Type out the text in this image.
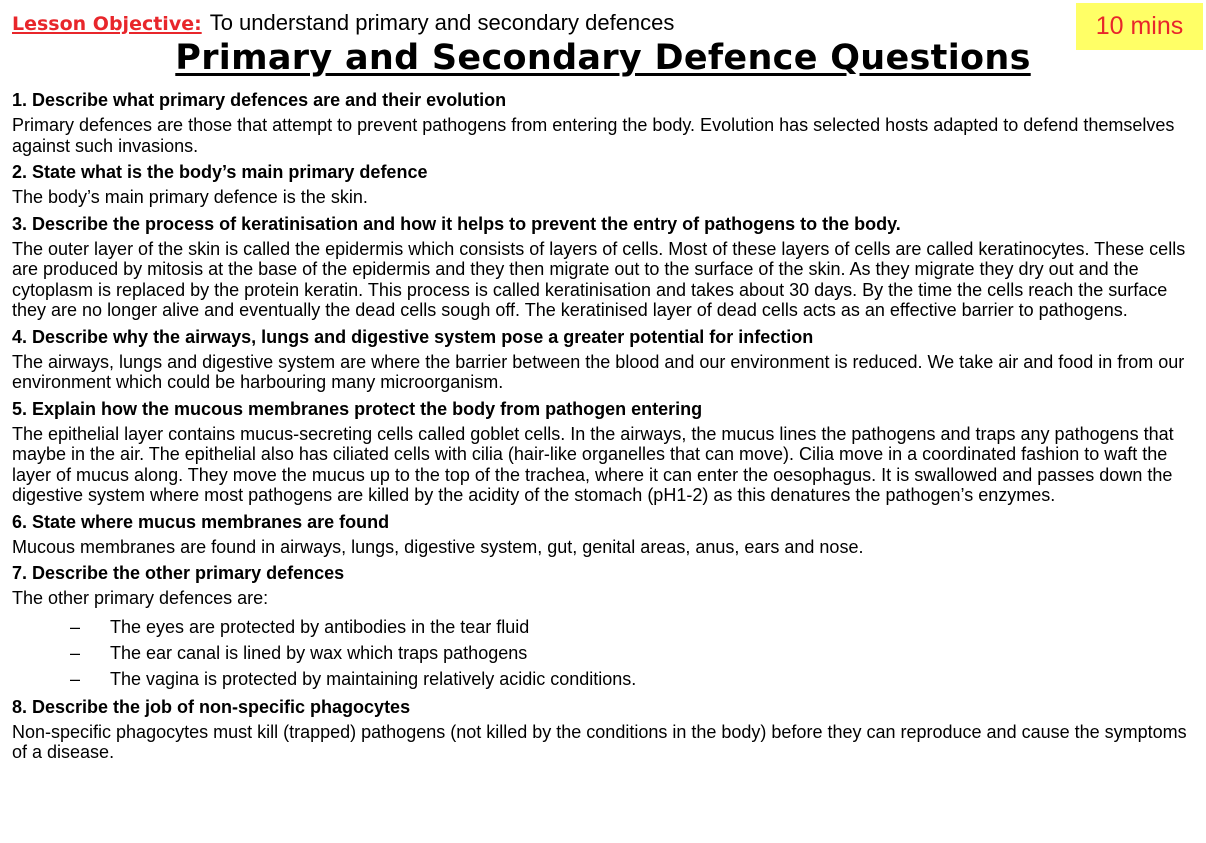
Lesson Objective: To understand primary and secondary defences	10 mins
Primary and Secondary Defence Questions
1. Describe what primary defences are and their evolution
Primary defences are those that attempt to prevent pathogens from entering the body. Evolution has selected hosts adapted to defend themselves against such invasions.
2. State what is the body’s main primary defence
The body’s main primary defence is the skin.
3. Describe the process of keratinisation and how it helps to prevent the entry of pathogens to the body.
The outer layer of the skin is called the epidermis which consists of layers of cells. Most of these layers of cells are called keratinocytes. These cells are produced by mitosis at the base of the epidermis and they then migrate out to the surface of the skin. As they migrate they dry out and the cytoplasm is replaced by the protein keratin. This process is called keratinisation and takes about 30 days. By the time the cells reach the surface they are no longer alive and eventually the dead cells sough off. The keratinised layer of dead cells acts as an effective barrier to pathogens.
4. Describe why the airways, lungs and digestive system pose a greater potential for infection
The airways, lungs and digestive system are where the barrier between the blood and our environment is reduced. We take air and food in from our environment which could be harbouring many microorganism.
5. Explain how the mucous membranes protect the body from pathogen entering
The epithelial layer contains mucus-secreting cells called goblet cells. In the airways, the mucus lines the pathogens and traps any pathogens that maybe in the air. The epithelial also has ciliated cells with cilia (hair-like organelles that can move). Cilia move in a coordinated fashion to waft the layer of mucus along. They move the mucus up to the top of the trachea, where it can enter the oesophagus. It is swallowed and passes down the digestive system where most pathogens are killed by the acidity of the stomach (pH1-2) as this denatures the pathogen’s enzymes.
6. State where mucus membranes are found
Mucous membranes are found in airways, lungs, digestive system, gut, genital areas, anus, ears and nose.
7. Describe the other primary defences
The other primary defences are:
– The eyes are protected by antibodies in the tear fluid
– The ear canal is lined by wax which traps pathogens
– The vagina is protected by maintaining relatively acidic conditions.
8. Describe the job of non-specific phagocytes
Non-specific phagocytes must kill (trapped) pathogens (not killed by the conditions in the body) before they can reproduce and cause the symptoms of a disease.
